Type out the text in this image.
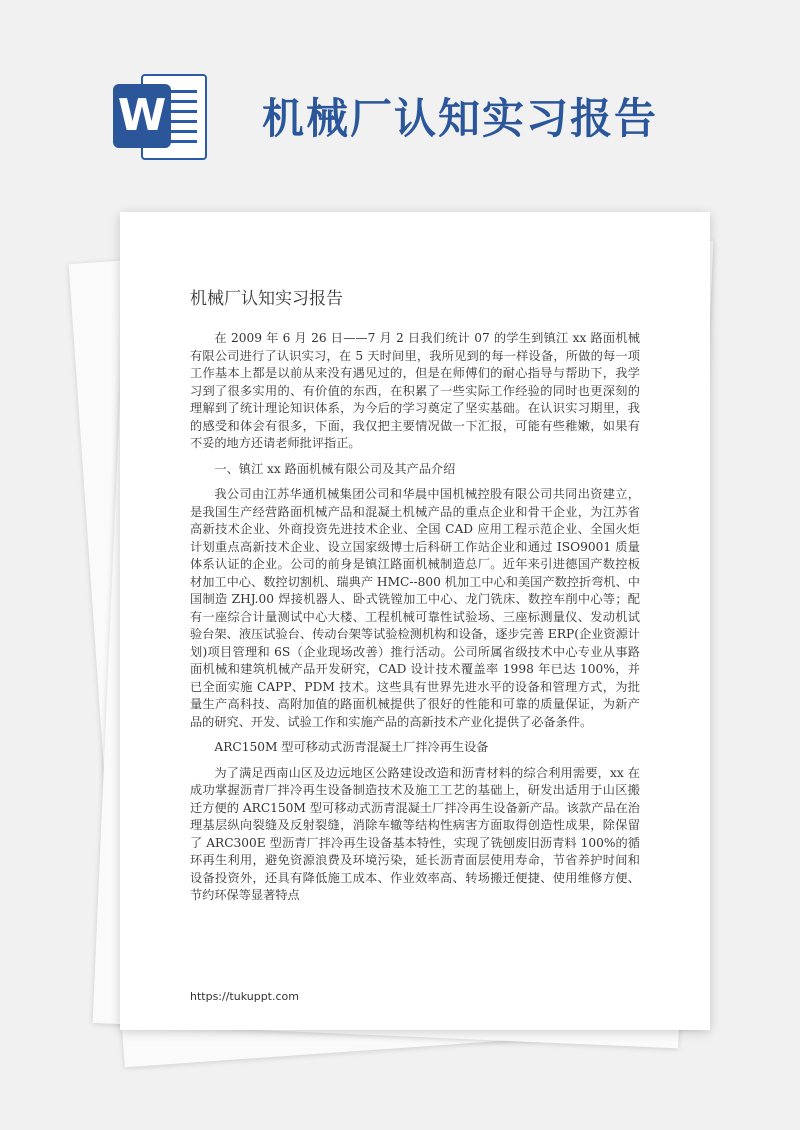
W 机械厂认知实习报告
机械厂认知实习报告

在 2009 年 6 月 26 日——7 月 2 日我们统计 07 的学生到镇江 xx 路面机械有限公司进行了认识实习，在 5 天时间里，我所见到的每一样设备，所做的每一项工作基本上都是以前从来没有遇见过的，但是在师傅们的耐心指导与帮助下，我学习到了很多实用的、有价值的东西，在积累了一些实际工作经验的同时也更深刻的理解到了统计理论知识体系，为今后的学习奠定了坚实基础。在认识实习期里，我的感受和体会有很多，下面，我仅把主要情况做一下汇报，可能有些稚嫩，如果有不妥的地方还请老师批评指正。

一、镇江 xx 路面机械有限公司及其产品介绍

我公司由江苏华通机械集团公司和华晨中国机械控股有限公司共同出资建立，是我国生产经营路面机械产品和混凝土机械产品的重点企业和骨干企业，为江苏省高新技术企业、外商投资先进技术企业、全国 CAD 应用工程示范企业、全国火炬计划重点高新技术企业、设立国家级博士后科研工作站企业和通过 ISO9001 质量体系认证的企业。公司的前身是镇江路面机械制造总厂。近年来引进德国产数控板材加工中心、数控切割机、瑞典产 HMC--800 机加工中心和美国产数控折弯机、中国制造 ZHJ.00 焊接机器人、卧式铣镗加工中心、龙门铣床、数控车削中心等；配有一座综合计量测试中心大楼、工程机械可靠性试验场、三座标测量仪、发动机试验台架、液压试验台、传动台架等试验检测机构和设备，逐步完善 ERP(企业资源计划)项目管理和 6S（企业现场改善）推行活动。公司所属省级技术中心专业从事路面机械和建筑机械产品开发研究，CAD 设计技术覆盖率 1998 年已达 100%，并已全面实施 CAPP、PDM 技术。这些具有世界先进水平的设备和管理方式，为批量生产高科技、高附加值的路面机械提供了很好的性能和可靠的质量保证，为新产品的研究、开发、试验工作和实施产品的高新技术产业化提供了必备条件。

ARC150M 型可移动式沥青混凝土厂拌冷再生设备

为了满足西南山区及边远地区公路建设改造和沥青材料的综合利用需要，xx 在成功掌握沥青厂拌冷再生设备制造技术及施工工艺的基础上，研发出适用于山区搬迁方便的 ARC150M 型可移动式沥青混凝土厂拌冷再生设备新产品。该款产品在治理基层纵向裂缝及反射裂缝，消除车辙等结构性病害方面取得创造性成果，除保留了 ARC300E 型沥青厂拌冷再生设备基本特性，实现了铣刨废旧沥青料 100%的循环再生利用，避免资源浪费及环境污染，延长沥青面层使用寿命，节省养护时间和设备投资外，还具有降低施工成本、作业效率高、转场搬迁便捷、使用维修方便、节约环保等显著特点

https://tukuppt.com
